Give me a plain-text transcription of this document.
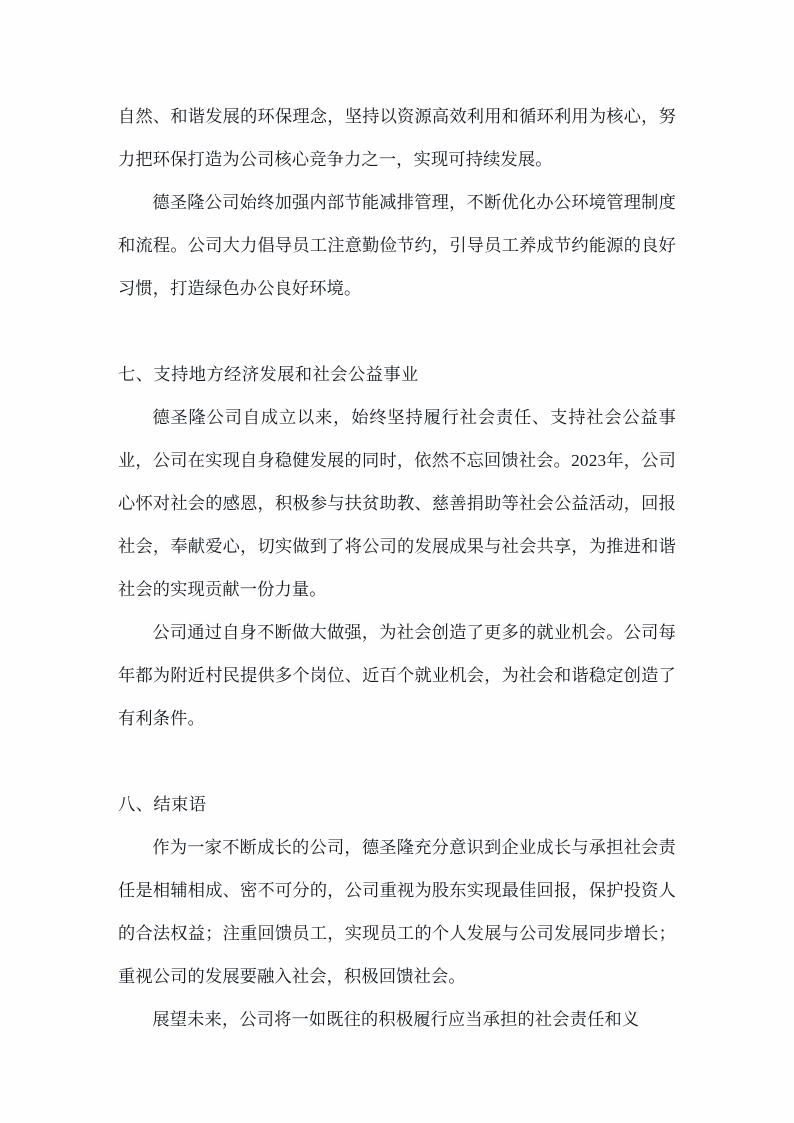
自然、和谐发展的环保理念，坚持以资源高效利用和循环利用为核心，努力把环保打造为公司核心竞争力之一，实现可持续发展。

德圣隆公司始终加强内部节能减排管理，不断优化办公环境管理制度和流程。公司大力倡导员工注意勤俭节约，引导员工养成节约能源的良好习惯，打造绿色办公良好环境。

七、支持地方经济发展和社会公益事业

德圣隆公司自成立以来，始终坚持履行社会责任、支持社会公益事业，公司在实现自身稳健发展的同时，依然不忘回馈社会。2023年，公司心怀对社会的感恩，积极参与扶贫助教、慈善捐助等社会公益活动，回报社会，奉献爱心，切实做到了将公司的发展成果与社会共享，为推进和谐社会的实现贡献一份力量。

公司通过自身不断做大做强，为社会创造了更多的就业机会。公司每年都为附近村民提供多个岗位、近百个就业机会，为社会和谐稳定创造了有利条件。

八、结束语

作为一家不断成长的公司，德圣隆充分意识到企业成长与承担社会责任是相辅相成、密不可分的，公司重视为股东实现最佳回报，保护投资人的合法权益；注重回馈员工，实现员工的个人发展与公司发展同步增长；重视公司的发展要融入社会，积极回馈社会。

展望未来，公司将一如既往的积极履行应当承担的社会责任和义
